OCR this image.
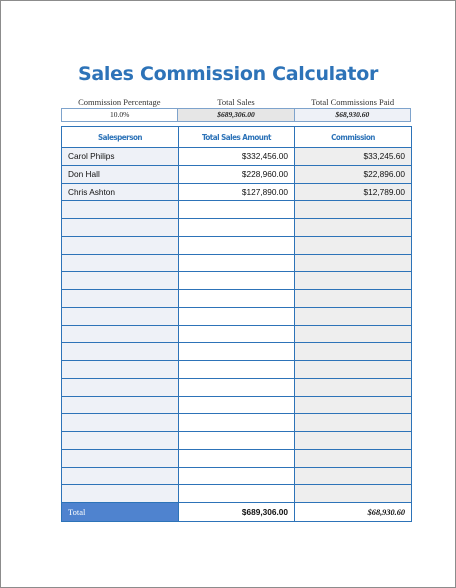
Sales Commission Calculator
Commission Percentage	Total Sales	Total Commissions Paid
10.0%	$689,306.00	$68,930.60
Salesperson	Total Sales Amount	Commission
Carol Philips	$332,456.00	$33,245.60
Don Hall	$228,960.00	$22,896.00
Chris Ashton	$127,890.00	$12,789.00

Total	$689,306.00	$68,930.60
